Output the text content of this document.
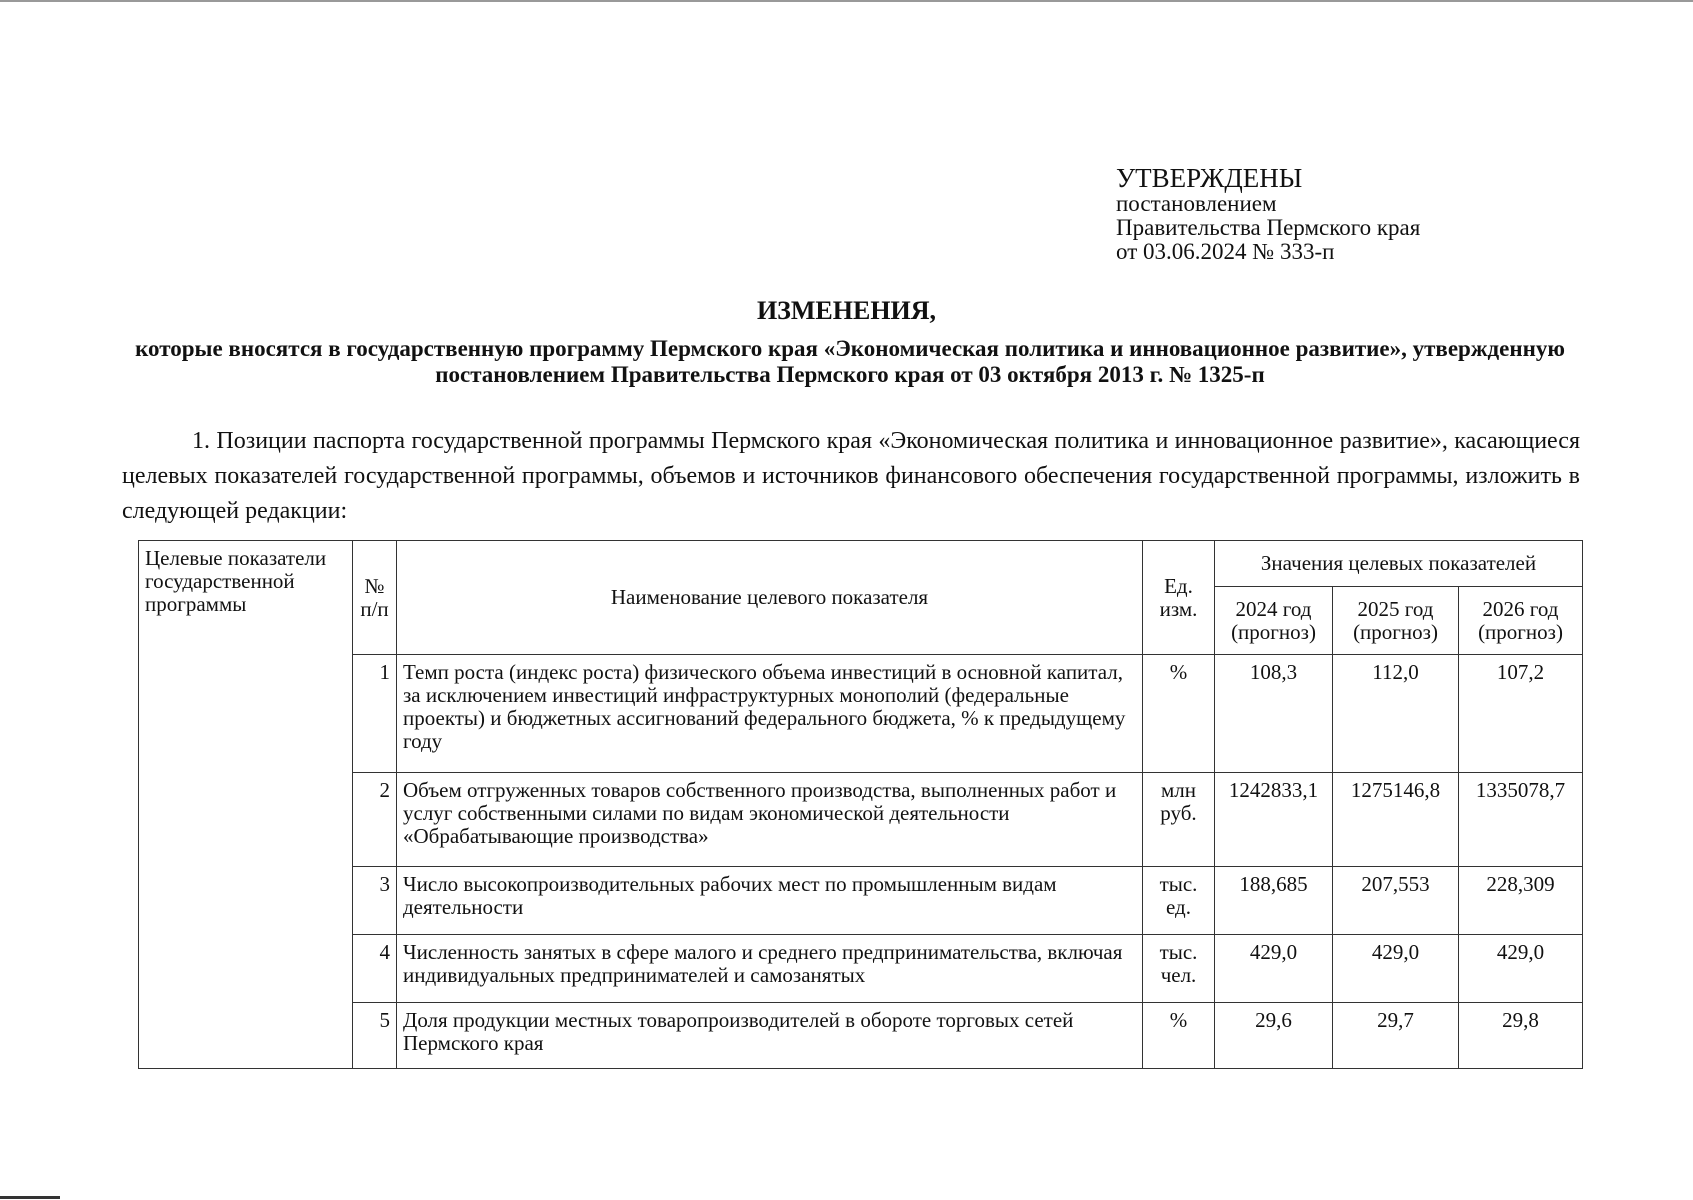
УТВЕРЖДЕНЫ
постановлением
Правительства Пермского края
от 03.06.2024 № 333-п
ИЗМЕНЕНИЯ,
которые вносятся в государственную программу Пермского края «Экономическая политика и инновационное развитие», утвержденную постановлением Правительства Пермского края от 03 октября 2013 г. № 1325-п
1. Позиции паспорта государственной программы Пермского края «Экономическая политика и инновационное развитие», касающиеся целевых показателей государственной программы, объемов и источников финансового обеспечения государственной программы, изложить в следующей редакции:
Целевые показатели государственной программы	№ п/п	Наименование целевого показателя	Ед. изм.	Значения целевых показателей		
				2024 год (прогноз)	2025 год (прогноз)	2026 год (прогноз)
	1	Темп роста (индекс роста) физического объема инвестиций в основной капитал, за исключением инвестиций инфраструктурных монополий (федеральные проекты) и бюджетных ассигнований федерального бюджета, % к предыдущему году	%	108,3	112,0	107,2
	2	Объем отгруженных товаров собственного производства, выполненных работ и услуг собственными силами по видам экономической деятельности «Обрабатывающие производства»	млн руб.	1242833,1	1275146,8	1335078,7
	3	Число высокопроизводительных рабочих мест по промышленным видам деятельности	тыс. ед.	188,685	207,553	228,309
	4	Численность занятых в сфере малого и среднего предпринимательства, включая индивидуальных предпринимателей и самозанятых	тыс. чел.	429,0	429,0	429,0
	5	Доля продукции местных товаропроизводителей в обороте торговых сетей Пермского края	%	29,6	29,7	29,8
